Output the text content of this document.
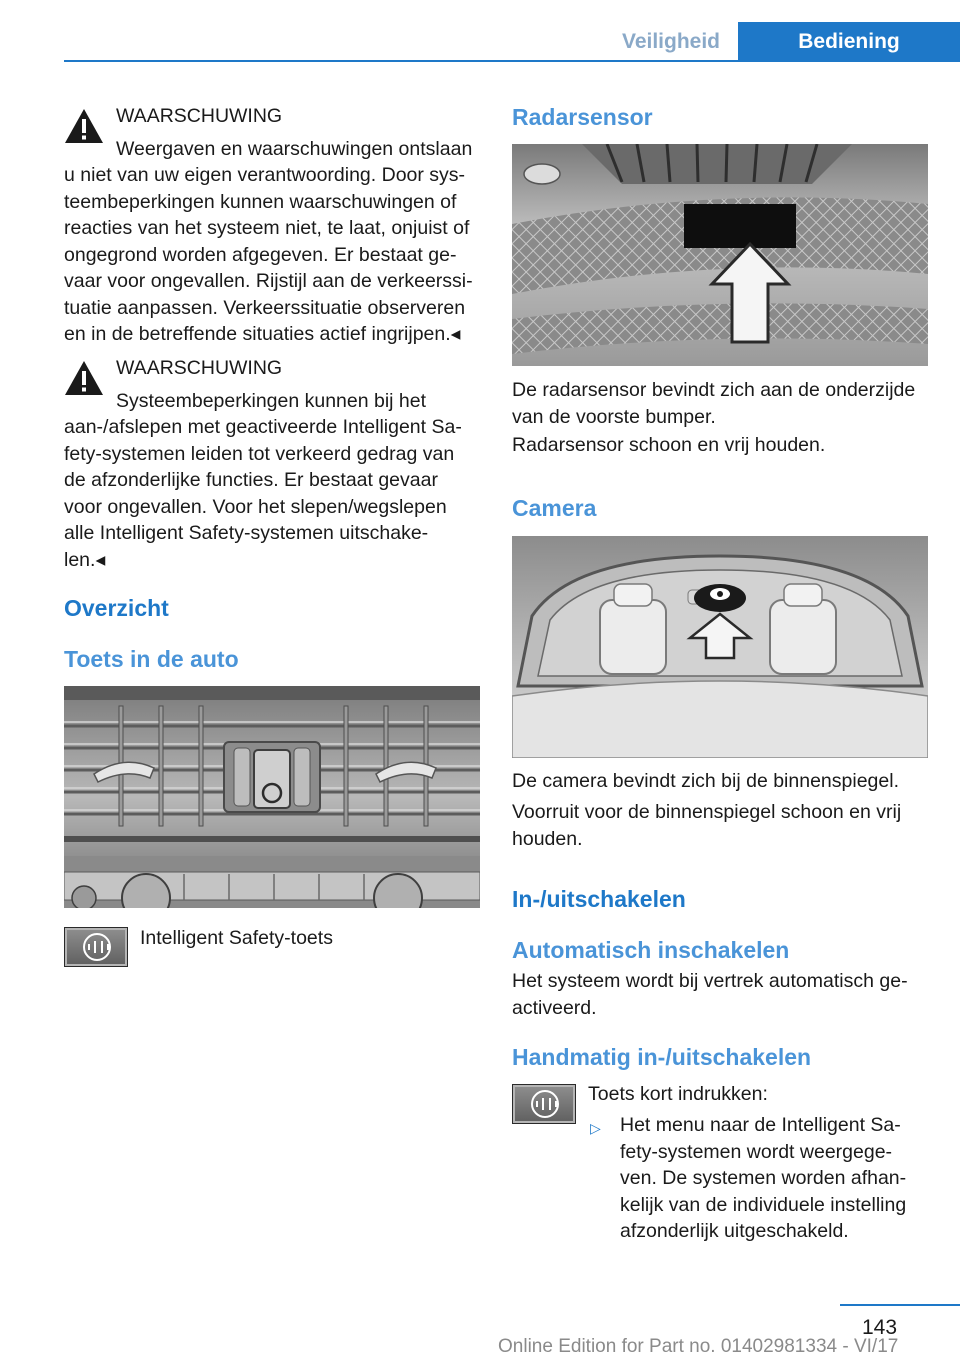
Veiligheid	Bediening
WAARSCHUWING
Weergaven en waarschuwingen ontslaan
u niet van uw eigen verantwoording. Door sys-
teembeperkingen kunnen waarschuwingen of
reacties van het systeem niet, te laat, onjuist of
ongegrond worden afgegeven. Er bestaat ge-
vaar voor ongevallen. Rijstijl aan de verkeerssi-
tuatie aanpassen. Verkeerssituatie observeren
en in de betreffende situaties actief ingrijpen.◂
WAARSCHUWING
Systeembeperkingen kunnen bij het
aan-/afslepen met geactiveerde Intelligent Sa-
fety-systemen leiden tot verkeerd gedrag van
de afzonderlijke functies. Er bestaat gevaar
voor ongevallen. Voor het slepen/wegslepen
alle Intelligent Safety-systemen uitschake-
len.◂
Overzicht
Toets in de auto
Intelligent Safety-toets
Radarsensor
De radarsensor bevindt zich aan de onderzijde
van de voorste bumper.
Radarsensor schoon en vrij houden.
Camera
De camera bevindt zich bij de binnenspiegel.
Voorruit voor de binnenspiegel schoon en vrij
houden.
In-/uitschakelen
Automatisch inschakelen
Het systeem wordt bij vertrek automatisch ge-
activeerd.
Handmatig in-/uitschakelen
Toets kort indrukken:
▷ Het menu naar de Intelligent Sa-
fety-systemen wordt weergege-
ven. De systemen worden afhan-
kelijk van de individuele instelling
afzonderlijk uitgeschakeld.
143
Online Edition for Part no. 01402981334 - VI/17
